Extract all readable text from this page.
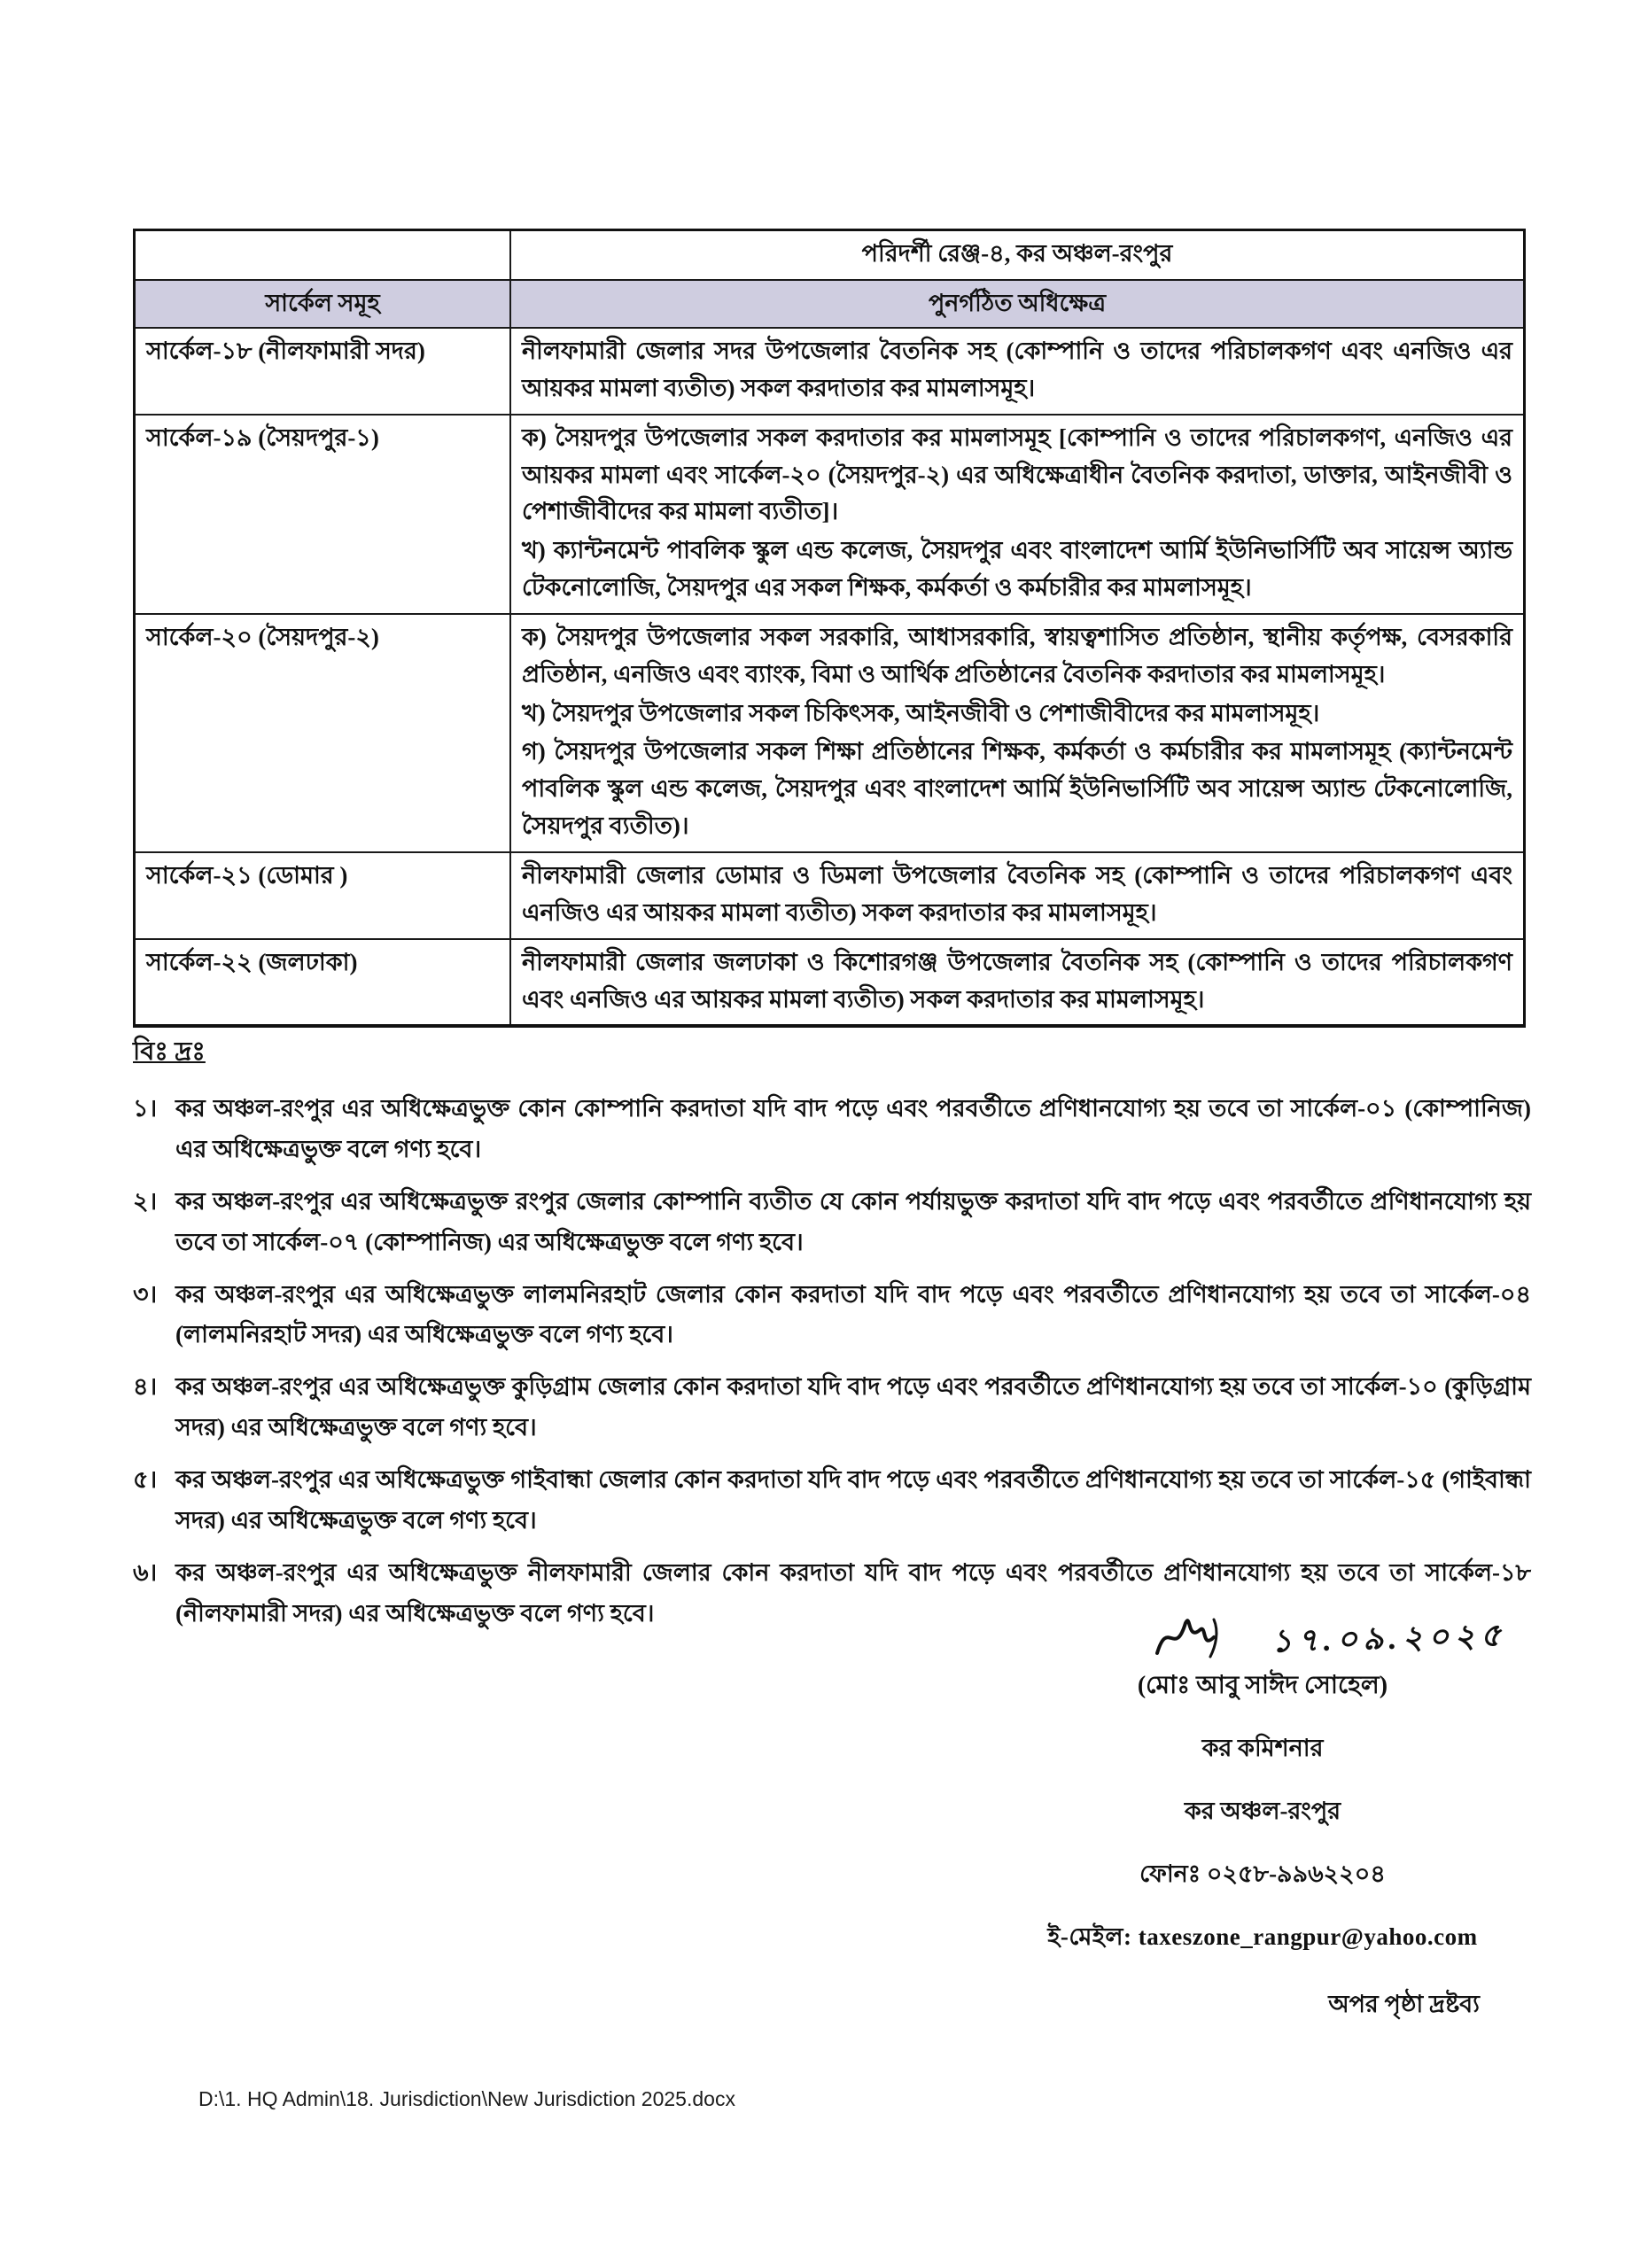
	পরিদর্শী রেঞ্জ-৪, কর অঞ্চল-রংপুর
সার্কেল সমূহ	পুনর্গঠিত অধিক্ষেত্র
সার্কেল-১৮ (নীলফামারী সদর)	নীলফামারী জেলার সদর উপজেলার বৈতনিক সহ (কোম্পানি ও তাদের পরিচালকগণ এবং এনজিও এর আয়কর মামলা ব্যতীত) সকল করদাতার কর মামলাসমূহ।

সার্কেল-১৯ (সৈয়দপুর-১)	ক) সৈয়দপুর উপজেলার সকল করদাতার কর মামলাসমূহ [কোম্পানি ও তাদের পরিচালকগণ, এনজিও এর আয়কর মামলা এবং সার্কেল-২০ (সৈয়দপুর-২) এর অধিক্ষেত্রাধীন বৈতনিক করদাতা, ডাক্তার, আইনজীবী ও পেশাজীবীদের কর মামলা ব্যতীত]।
খ) ক্যান্টনমেন্ট পাবলিক স্কুল এন্ড কলেজ, সৈয়দপুর এবং বাংলাদেশ আর্মি ইউনিভার্সিটি অব সায়েন্স অ্যান্ড টেকনোলোজি, সৈয়দপুর এর সকল শিক্ষক, কর্মকর্তা ও কর্মচারীর কর মামলাসমূহ।

সার্কেল-২০ (সৈয়দপুর-২)	ক) সৈয়দপুর উপজেলার সকল সরকারি, আধাসরকারি, স্বায়ত্বশাসিত প্রতিষ্ঠান, স্থানীয় কর্তৃপক্ষ, বেসরকারি প্রতিষ্ঠান, এনজিও এবং ব্যাংক, বিমা ও আর্থিক প্রতিষ্ঠানের বৈতনিক করদাতার কর মামলাসমূহ।
খ) সৈয়দপুর উপজেলার সকল চিকিৎসক, আইনজীবী ও পেশাজীবীদের কর মামলাসমূহ।
গ) সৈয়দপুর উপজেলার সকল শিক্ষা প্রতিষ্ঠানের শিক্ষক, কর্মকর্তা ও কর্মচারীর কর মামলাসমূহ (ক্যান্টনমেন্ট পাবলিক স্কুল এন্ড কলেজ, সৈয়দপুর এবং বাংলাদেশ আর্মি ইউনিভার্সিটি অব সায়েন্স অ্যান্ড টেকনোলোজি, সৈয়দপুর ব্যতীত)।

সার্কেল-২১ (ডোমার )	নীলফামারী জেলার ডোমার ও ডিমলা উপজেলার বৈতনিক সহ (কোম্পানি ও তাদের পরিচালকগণ এবং এনজিও এর আয়কর মামলা ব্যতীত) সকল করদাতার কর মামলাসমূহ।

সার্কেল-২২ (জলঢাকা)	নীলফামারী জেলার জলঢাকা ও কিশোরগঞ্জ উপজেলার বৈতনিক সহ (কোম্পানি ও তাদের পরিচালকগণ এবং এনজিও এর আয়কর মামলা ব্যতীত) সকল করদাতার কর মামলাসমূহ।
বিঃ দ্রঃ
১। কর অঞ্চল-রংপুর এর অধিক্ষেত্রভুক্ত কোন কোম্পানি করদাতা যদি বাদ পড়ে এবং পরবর্তীতে প্রণিধানযোগ্য হয় তবে তা সার্কেল-০১ (কোম্পানিজ) এর অধিক্ষেত্রভুক্ত বলে গণ্য হবে।
২। কর অঞ্চল-রংপুর এর অধিক্ষেত্রভুক্ত রংপুর জেলার কোম্পানি ব্যতীত যে কোন পর্যায়ভুক্ত করদাতা যদি বাদ পড়ে এবং পরবর্তীতে প্রণিধানযোগ্য হয় তবে তা সার্কেল-০৭ (কোম্পানিজ) এর অধিক্ষেত্রভুক্ত বলে গণ্য হবে।
৩। কর অঞ্চল-রংপুর এর অধিক্ষেত্রভুক্ত লালমনিরহাট জেলার কোন করদাতা যদি বাদ পড়ে এবং পরবর্তীতে প্রণিধানযোগ্য হয় তবে তা সার্কেল-০৪ (লালমনিরহাট সদর) এর অধিক্ষেত্রভুক্ত বলে গণ্য হবে।
৪। কর অঞ্চল-রংপুর এর অধিক্ষেত্রভুক্ত কুড়িগ্রাম জেলার কোন করদাতা যদি বাদ পড়ে এবং পরবর্তীতে প্রণিধানযোগ্য হয় তবে তা সার্কেল-১০ (কুড়িগ্রাম সদর) এর অধিক্ষেত্রভুক্ত বলে গণ্য হবে।
৫। কর অঞ্চল-রংপুর এর অধিক্ষেত্রভুক্ত গাইবান্ধা জেলার কোন করদাতা যদি বাদ পড়ে এবং পরবর্তীতে প্রণিধানযোগ্য হয় তবে তা সার্কেল-১৫ (গাইবান্ধা সদর) এর অধিক্ষেত্রভুক্ত বলে গণ্য হবে।
৬। কর অঞ্চল-রংপুর এর অধিক্ষেত্রভুক্ত নীলফামারী জেলার কোন করদাতা যদি বাদ পড়ে এবং পরবর্তীতে প্রণিধানযোগ্য হয় তবে তা সার্কেল-১৮ (নীলফামারী সদর) এর অধিক্ষেত্রভুক্ত বলে গণ্য হবে।
১৭.০৯.২০২৫
(মোঃ আবু সাঈদ সোহেল)
কর কমিশনার
কর অঞ্চল-রংপুর
ফোনঃ ০২৫৮-৯৯৬২২০৪
ই-মেইল: taxeszone_rangpur@yahoo.com
অপর পৃষ্ঠা দ্রষ্টব্য
D:\1. HQ Admin\18. Jurisdiction\New Jurisdiction 2025.docx
